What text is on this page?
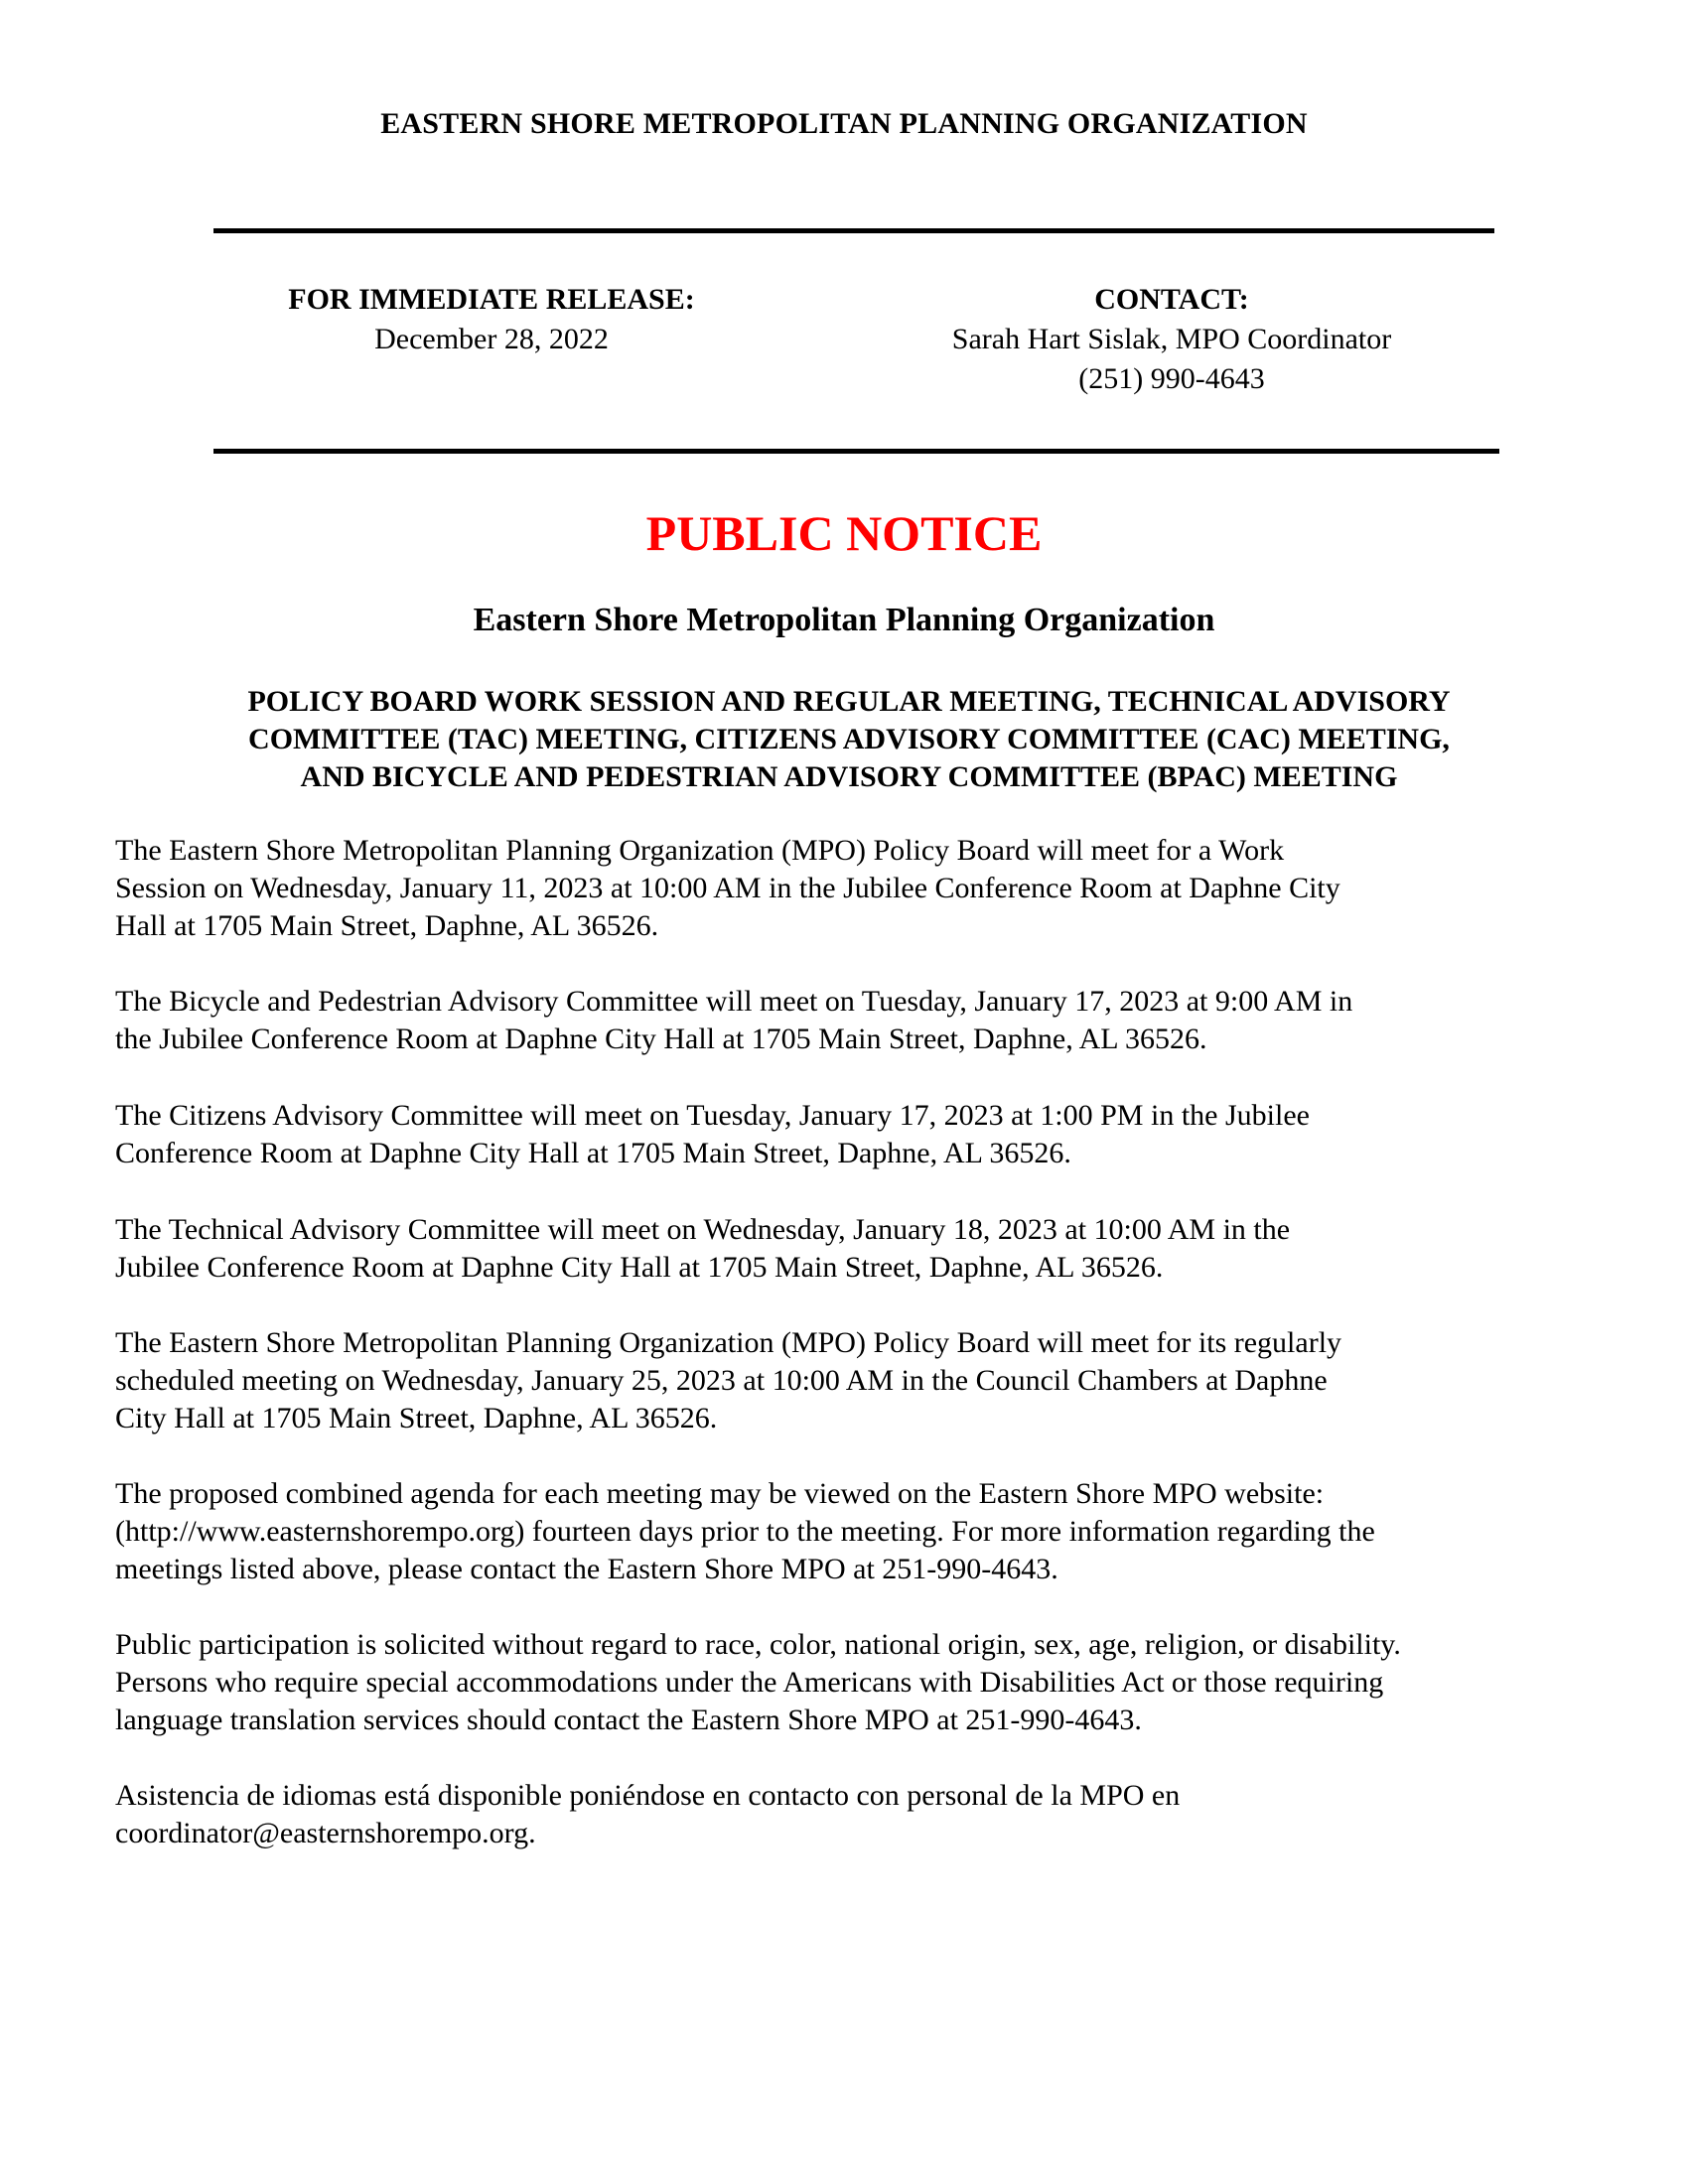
EASTERN SHORE METROPOLITAN PLANNING ORGANIZATION
FOR IMMEDIATE RELEASE:
December 28, 2022
CONTACT:
Sarah Hart Sislak, MPO Coordinator
(251) 990-4643
PUBLIC NOTICE
Eastern Shore Metropolitan Planning Organization
POLICY BOARD WORK SESSION AND REGULAR MEETING, TECHNICAL ADVISORY
COMMITTEE (TAC) MEETING, CITIZENS ADVISORY COMMITTEE (CAC) MEETING,
AND BICYCLE AND PEDESTRIAN ADVISORY COMMITTEE (BPAC) MEETING
The Eastern Shore Metropolitan Planning Organization (MPO) Policy Board will meet for a Work
Session on Wednesday, January 11, 2023 at 10:00 AM in the Jubilee Conference Room at Daphne City
Hall at 1705 Main Street, Daphne, AL 36526.
The Bicycle and Pedestrian Advisory Committee will meet on Tuesday, January 17, 2023 at 9:00 AM in
the Jubilee Conference Room at Daphne City Hall at 1705 Main Street, Daphne, AL 36526.
The Citizens Advisory Committee will meet on Tuesday, January 17, 2023 at 1:00 PM in the Jubilee
Conference Room at Daphne City Hall at 1705 Main Street, Daphne, AL 36526.
The Technical Advisory Committee will meet on Wednesday, January 18, 2023 at 10:00 AM in the
Jubilee Conference Room at Daphne City Hall at 1705 Main Street, Daphne, AL 36526.
The Eastern Shore Metropolitan Planning Organization (MPO) Policy Board will meet for its regularly
scheduled meeting on Wednesday, January 25, 2023 at 10:00 AM in the Council Chambers at Daphne
City Hall at 1705 Main Street, Daphne, AL 36526.
The proposed combined agenda for each meeting may be viewed on the Eastern Shore MPO website:
(http://www.easternshorempo.org) fourteen days prior to the meeting. For more information regarding the
meetings listed above, please contact the Eastern Shore MPO at 251-990-4643.
Public participation is solicited without regard to race, color, national origin, sex, age, religion, or disability.
Persons who require special accommodations under the Americans with Disabilities Act or those requiring
language translation services should contact the Eastern Shore MPO at 251-990-4643.
Asistencia de idiomas está disponible poniéndose en contacto con personal de la MPO en
coordinator@easternshorempo.org.
